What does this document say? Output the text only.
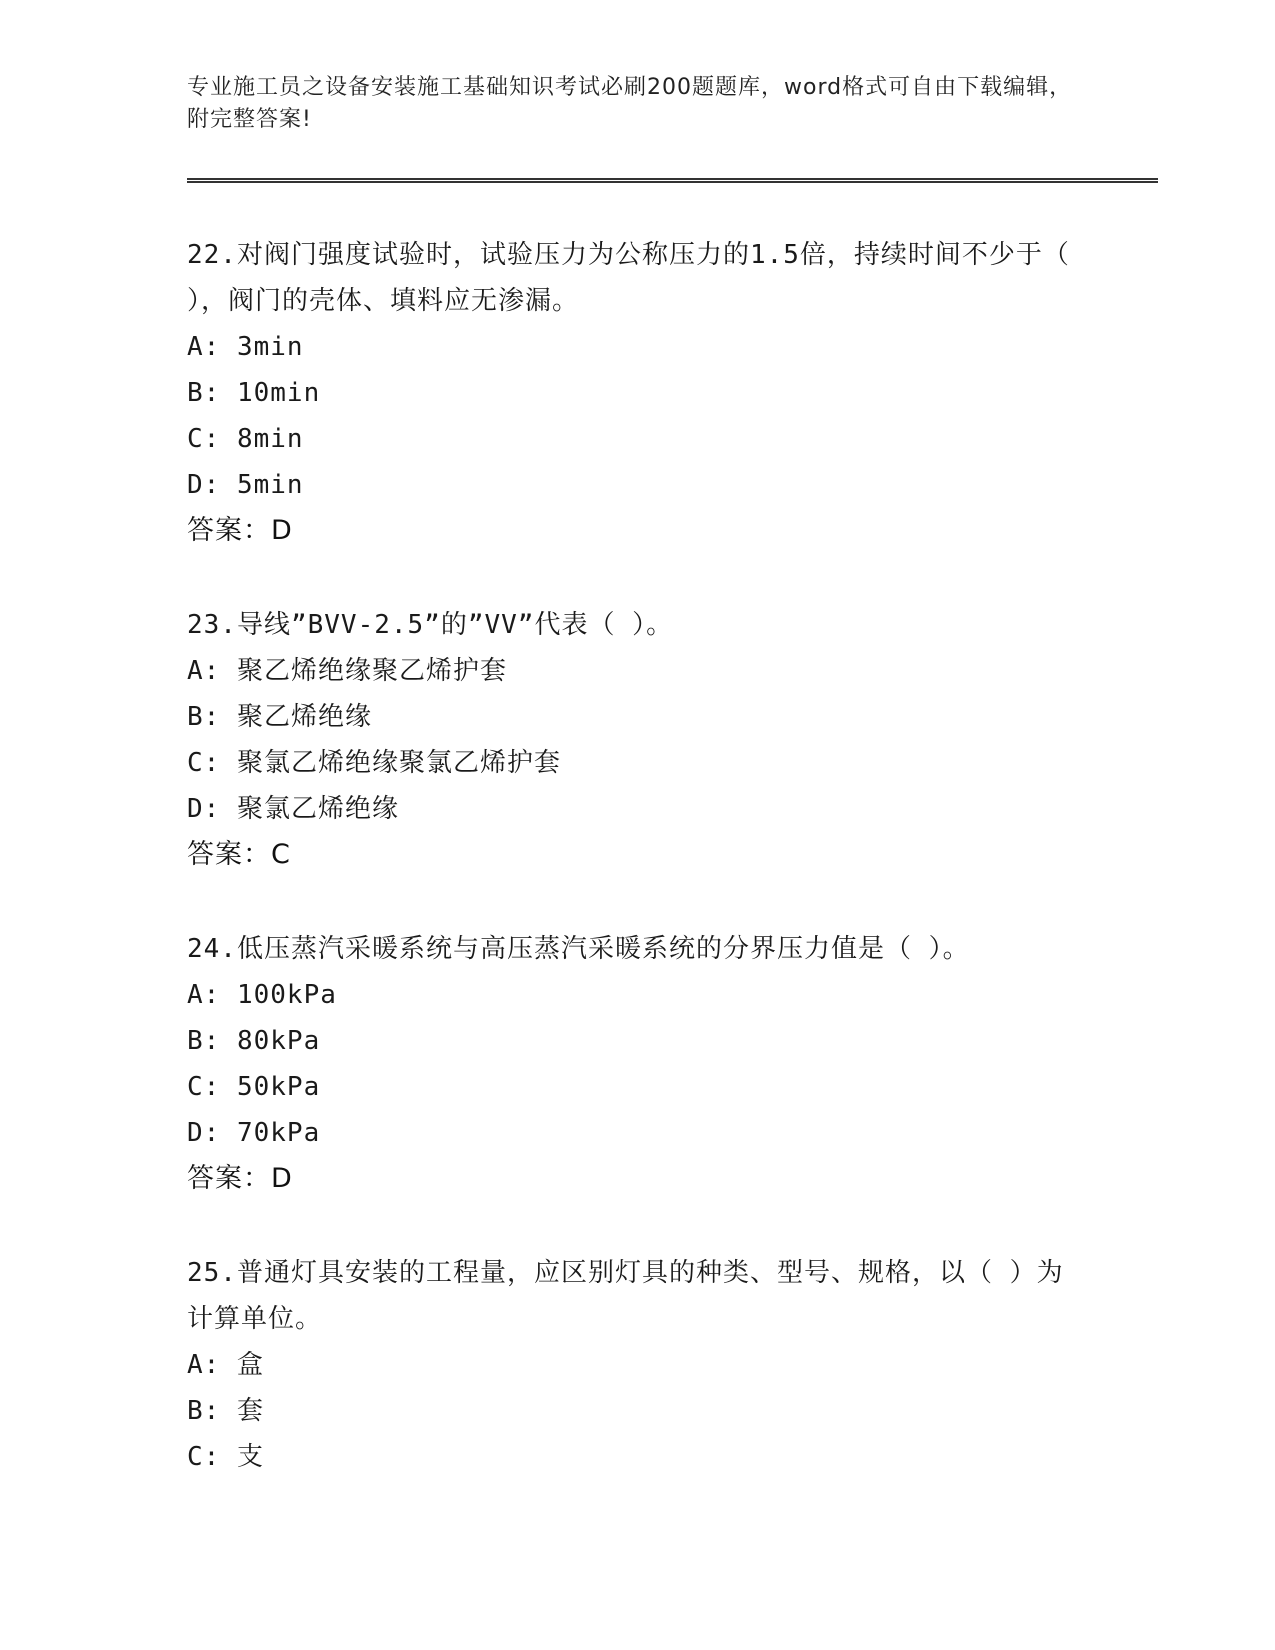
专业施工员之设备安装施工基础知识考试必刷200题题库，word格式可自由下载编辑，附完整答案!
22.对阀门强度试验时，试验压力为公称压力的1.5倍，持续时间不少于（ ），阀门的壳体、填料应无渗漏。
A: 3min
B: 10min
C: 8min
D: 5min
答案：D
23.导线”BVV-2.5”的”VV”代表（ ）。
A: 聚乙烯绝缘聚乙烯护套
B: 聚乙烯绝缘
C: 聚氯乙烯绝缘聚氯乙烯护套
D: 聚氯乙烯绝缘
答案：C
24.低压蒸汽采暖系统与高压蒸汽采暖系统的分界压力值是（ ）。
A: 100kPa
B: 80kPa
C: 50kPa
D: 70kPa
答案：D
25.普通灯具安装的工程量，应区别灯具的种类、型号、规格，以（ ）为计算单位。
A: 盒
B: 套
C: 支
